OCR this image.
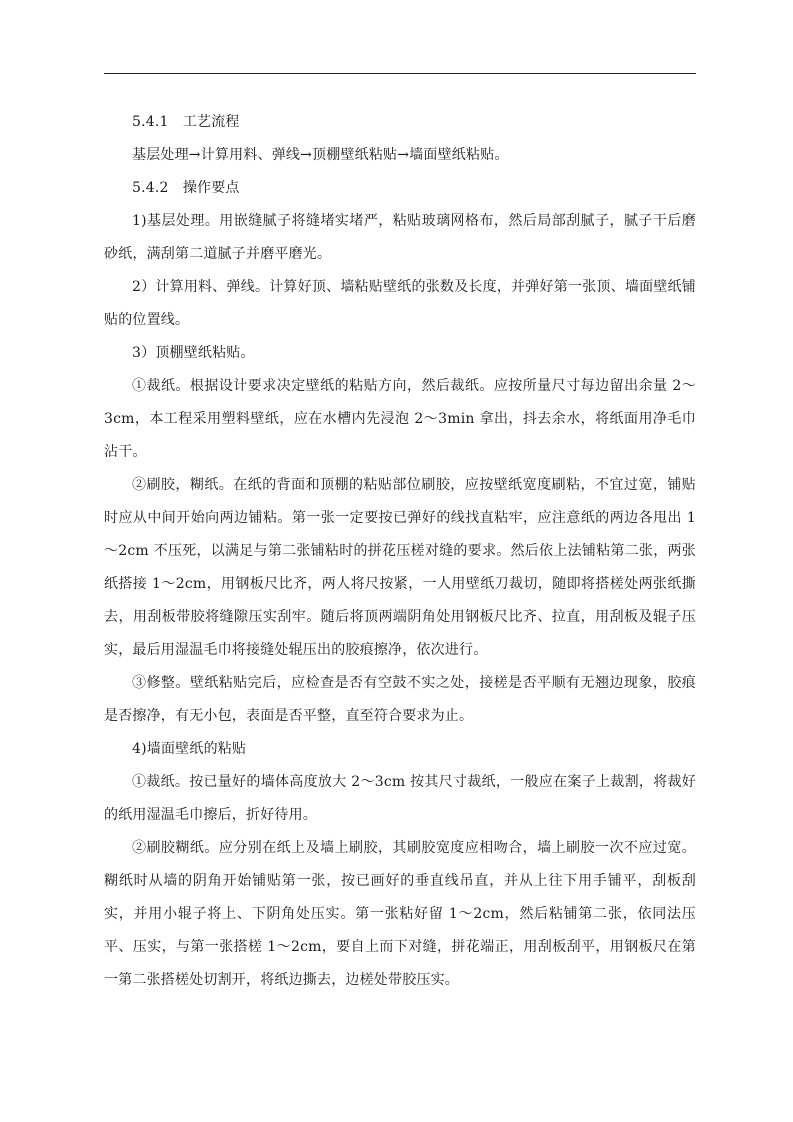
5.4.1　工艺流程

基层处理→计算用料、弹线→顶棚壁纸粘贴→墙面壁纸粘贴。

5.4.2　操作要点

1)基层处理。用嵌缝腻子将缝堵实堵严，粘贴玻璃网格布，然后局部刮腻子，腻子干后磨砂纸，满刮第二道腻子并磨平磨光。

2）计算用料、弹线。计算好顶、墙粘贴壁纸的张数及长度，并弹好第一张顶、墙面壁纸铺贴的位置线。

3）顶棚壁纸粘贴。

①裁纸。根据设计要求决定壁纸的粘贴方向，然后裁纸。应按所量尺寸每边留出余量 2～3cm，本工程采用塑料壁纸，应在水槽内先浸泡 2～3min 拿出，抖去余水，将纸面用净毛巾沾干。

②刷胶，糊纸。在纸的背面和顶棚的粘贴部位刷胶，应按壁纸宽度刷粘，不宜过宽，铺贴时应从中间开始向两边铺粘。第一张一定要按已弹好的线找直粘牢，应注意纸的两边各甩出 1～2cm 不压死，以满足与第二张铺粘时的拼花压槎对缝的要求。然后依上法铺粘第二张，两张纸搭接 1～2cm，用钢板尺比齐，两人将尺按紧，一人用壁纸刀裁切，随即将搭槎处两张纸撕去，用刮板带胶将缝隙压实刮牢。随后将顶两端阴角处用钢板尺比齐、拉直，用刮板及辊子压实，最后用湿温毛巾将接缝处辊压出的胶痕擦净，依次进行。

③修整。壁纸粘贴完后，应检查是否有空鼓不实之处，接槎是否平顺有无翘边现象，胶痕是否擦净，有无小包，表面是否平整，直至符合要求为止。

4)墙面壁纸的粘贴

①裁纸。按已量好的墙体高度放大 2～3cm 按其尺寸裁纸，一般应在案子上裁割，将裁好的纸用湿温毛巾擦后，折好待用。

②刷胶糊纸。应分别在纸上及墙上刷胶，其刷胶宽度应相吻合，墙上刷胶一次不应过宽。糊纸时从墙的阴角开始铺贴第一张，按已画好的垂直线吊直，并从上往下用手铺平，刮板刮实，并用小辊子将上、下阴角处压实。第一张粘好留 1～2cm，然后粘铺第二张，依同法压平、压实，与第一张搭槎 1～2cm，要自上而下对缝，拼花端正，用刮板刮平，用钢板尺在第一第二张搭槎处切割开，将纸边撕去，边槎处带胶压实。
